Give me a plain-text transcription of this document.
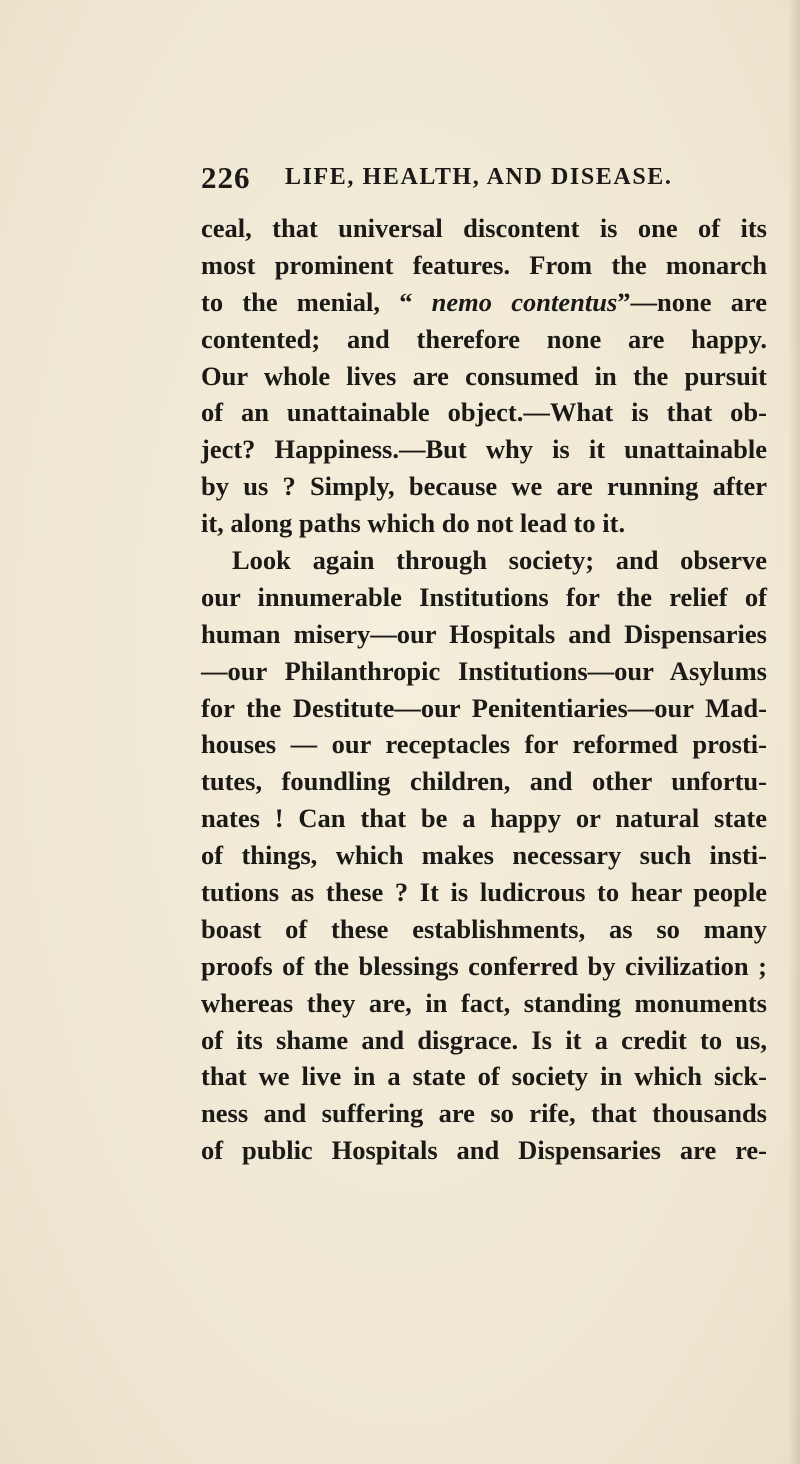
226 LIFE, HEALTH, AND DISEASE.
ceal, that universal discontent is one of its
most prominent features. From the monarch
to the menial, “ nemo contentus”—none are
contented; and therefore none are happy.
Our whole lives are consumed in the pursuit
of an unattainable object.—What is that ob-
ject? Happiness.—But why is it unattainable
by us ? Simply, because we are running after
it, along paths which do not lead to it.
Look again through society; and observe
our innumerable Institutions for the relief of
human misery—our Hospitals and Dispensaries
—our Philanthropic Institutions—our Asylums
for the Destitute—our Penitentiaries—our Mad-
houses — our receptacles for reformed prosti-
tutes, foundling children, and other unfortu-
nates ! Can that be a happy or natural state
of things, which makes necessary such insti-
tutions as these ? It is ludicrous to hear people
boast of these establishments, as so many
proofs of the blessings conferred by civilization ;
whereas they are, in fact, standing monuments
of its shame and disgrace. Is it a credit to us,
that we live in a state of society in which sick-
ness and suffering are so rife, that thousands
of public Hospitals and Dispensaries are re-
